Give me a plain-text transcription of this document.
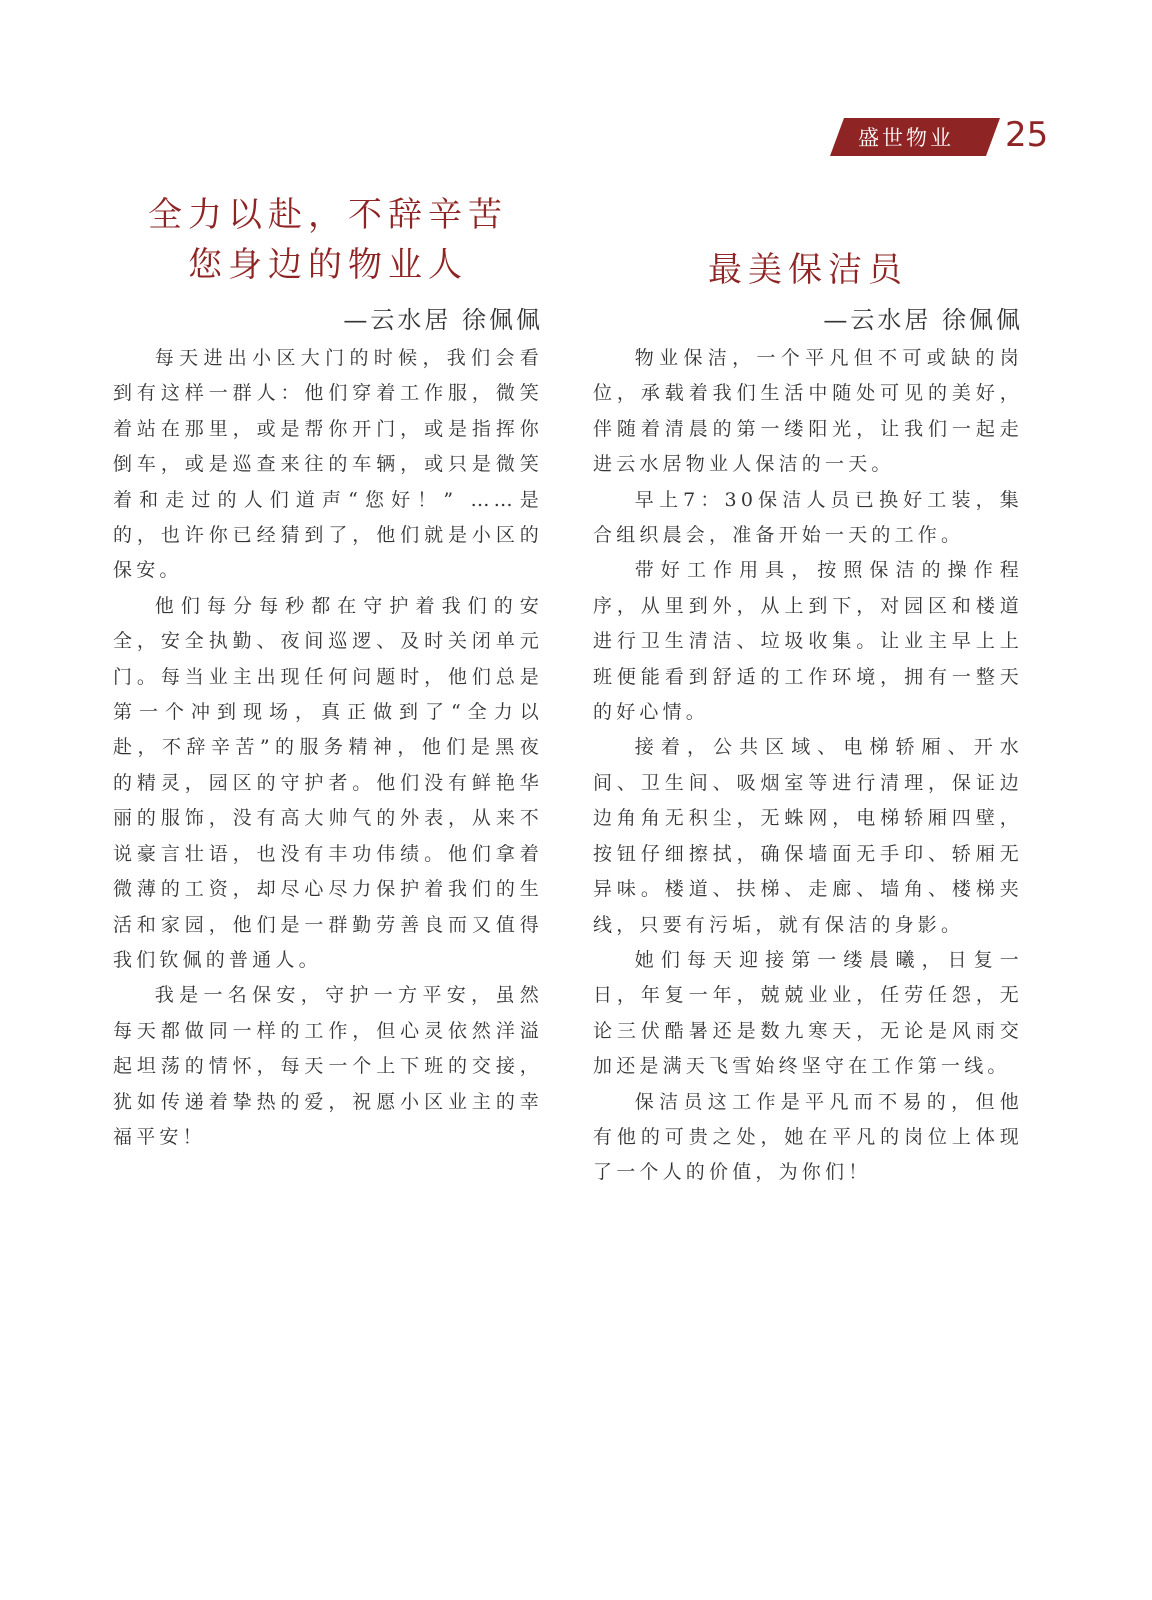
盛世物业 25
全力以赴，不辞辛苦
您身边的物业人
—云水居 徐佩佩

每天进出小区大门的时候，我们会看到有这样一群人：他们穿着工作服，微笑着站在那里，或是帮你开门，或是指挥你倒车，或是巡查来往的车辆，或只是微笑着和走过的人们道声“您好！” ……是的，也许你已经猜到了，他们就是小区的保安。

他们每分每秒都在守护着我们的安全，安全执勤、夜间巡逻、及时关闭单元门。每当业主出现任何问题时，他们总是第一个冲到现场，真正做到了“全力以赴，不辞辛苦”的服务精神，他们是黑夜的精灵，园区的守护者。他们没有鲜艳华丽的服饰，没有高大帅气的外表，从来不说豪言壮语，也没有丰功伟绩。他们拿着微薄的工资，却尽心尽力保护着我们的生活和家园，他们是一群勤劳善良而又值得我们钦佩的普通人。

我是一名保安，守护一方平安，虽然每天都做同一样的工作，但心灵依然洋溢起坦荡的情怀，每天一个上下班的交接，犹如传递着挚热的爱，祝愿小区业主的幸福平安！

最美保洁员
—云水居 徐佩佩

物业保洁，一个平凡但不可或缺的岗位，承载着我们生活中随处可见的美好，伴随着清晨的第一缕阳光，让我们一起走进云水居物业人保洁的一天。

早上7：30保洁人员已换好工装，集合组织晨会，准备开始一天的工作。

带好工作用具，按照保洁的操作程序，从里到外，从上到下，对园区和楼道进行卫生清洁、垃圾收集。让业主早上上班便能看到舒适的工作环境，拥有一整天的好心情。

接着，公共区域、电梯轿厢、开水间、卫生间、吸烟室等进行清理，保证边边角角无积尘，无蛛网，电梯轿厢四壁，按钮仔细擦拭，确保墙面无手印、轿厢无异味。楼道、扶梯、走廊、墙角、楼梯夹线，只要有污垢，就有保洁的身影。

她们每天迎接第一缕晨曦，日复一日，年复一年，兢兢业业，任劳任怨，无论三伏酷暑还是数九寒天，无论是风雨交加还是满天飞雪始终坚守在工作第一线。

保洁员这工作是平凡而不易的，但他有他的可贵之处，她在平凡的岗位上体现了一个人的价值，为你们！
